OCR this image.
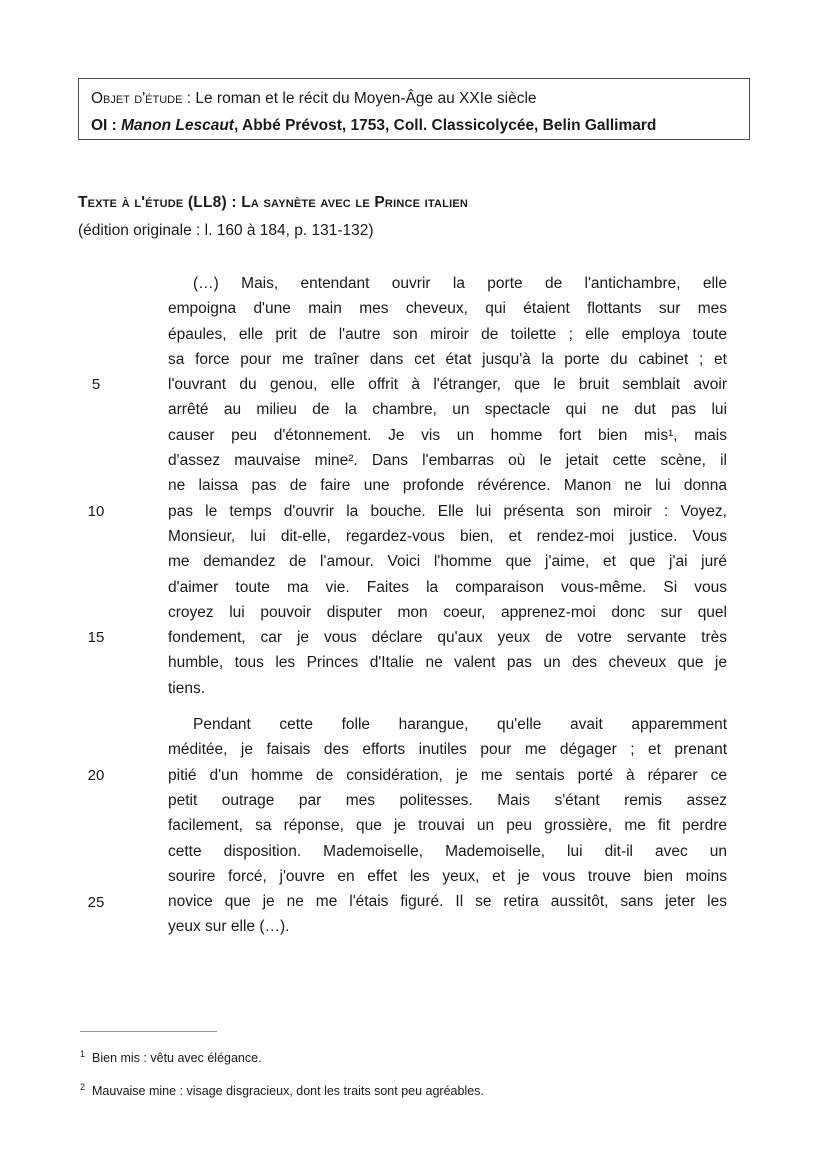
Objet d'étude : Le roman et le récit du Moyen-Âge au XXIe siècle
OI : Manon Lescaut, Abbé Prévost, 1753, Coll. Classicolycée, Belin Gallimard
Texte à l'étude (LL8) : La saynète avec le Prince italien
(édition originale : l. 160 à 184, p. 131-132)
5
10
15
20
25
(…) Mais, entendant ouvrir la porte de l'antichambre, elle
empoigna d'une main mes cheveux, qui étaient flottants sur mes
épaules, elle prit de l'autre son miroir de toilette ; elle employa toute
sa force pour me traîner dans cet état jusqu'à la porte du cabinet ; et
l'ouvrant du genou, elle offrit à l'étranger, que le bruit semblait avoir
arrêté au milieu de la chambre, un spectacle qui ne dut pas lui
causer peu d'étonnement. Je vis un homme fort bien mis¹, mais
d'assez mauvaise mine². Dans l'embarras où le jetait cette scène, il
ne laissa pas de faire une profonde révérence. Manon ne lui donna
pas le temps d'ouvrir la bouche. Elle lui présenta son miroir : Voyez,
Monsieur, lui dit-elle, regardez-vous bien, et rendez-moi justice. Vous
me demandez de l'amour. Voici l'homme que j'aime, et que j'ai juré
d'aimer toute ma vie. Faites la comparaison vous-même. Si vous
croyez lui pouvoir disputer mon coeur, apprenez-moi donc sur quel
fondement, car je vous déclare qu'aux yeux de votre servante très
humble, tous les Princes d'Italie ne valent pas un des cheveux que je
tiens.
Pendant cette folle harangue, qu'elle avait apparemment
méditée, je faisais des efforts inutiles pour me dégager ; et prenant
pitié d'un homme de considération, je me sentais porté à réparer ce
petit outrage par mes politesses. Mais s'étant remis assez
facilement, sa réponse, que je trouvai un peu grossière, me fit perdre
cette disposition. Mademoiselle, Mademoiselle, lui dit-il avec un
sourire forcé, j'ouvre en effet les yeux, et je vous trouve bien moins
novice que je ne me l'étais figuré. Il se retira aussitôt, sans jeter les
yeux sur elle (…).
$^1$ Bien mis : vêtu avec élégance.
$^2$ Mauvaise mine : visage disgracieux, dont les traits sont peu agréables.
